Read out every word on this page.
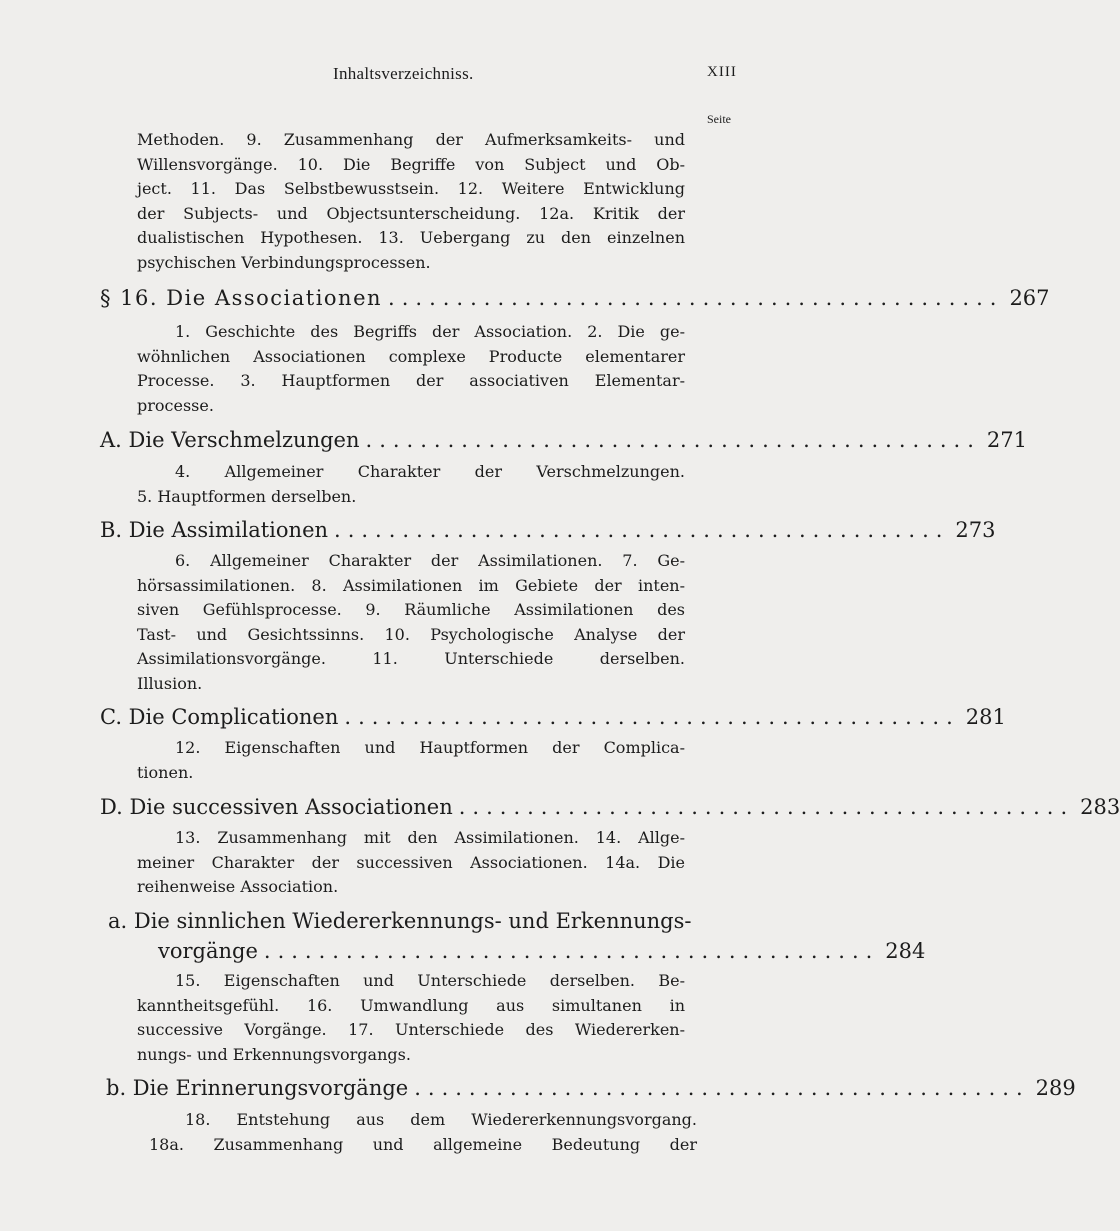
Inhaltsverzeichniss.	XIII
Seite
Methoden. 9. Zusammenhang der Aufmerksamkeits- und
Willensvorgänge. 10. Die Begriffe von Subject und Ob-
ject. 11. Das Selbstbewusstsein. 12. Weitere Entwicklung
der Subjects- und Objectsunterscheidung. 12a. Kritik der
dualistischen Hypothesen. 13. Uebergang zu den einzelnen
psychischen Verbindungsprocessen.
§ 16. Die Associationen ............................................. 267
1. Geschichte des Begriffs der Association. 2. Die ge-
wöhnlichen Associationen complexe Producte elementarer
Processe. 3. Hauptformen der associativen Elementar-
processe.
A. Die Verschmelzungen ............................................. 271
4. Allgemeiner Charakter der Verschmelzungen.
5. Hauptformen derselben.
B. Die Assimilationen ............................................. 273
6. Allgemeiner Charakter der Assimilationen. 7. Ge-
hörsassimilationen. 8. Assimilationen im Gebiete der inten-
siven Gefühlsprocesse. 9. Räumliche Assimilationen des
Tast- und Gesichtssinns. 10. Psychologische Analyse der
Assimilationsvorgänge. 11. Unterschiede derselben.
Illusion.
C. Die Complicationen ............................................. 281
12. Eigenschaften und Hauptformen der Complica-
tionen.
D. Die successiven Associationen ............................................. 283
13. Zusammenhang mit den Assimilationen. 14. Allge-
meiner Charakter der successiven Associationen. 14a. Die
reihenweise Association.
a. Die sinnlichen Wiedererkennungs- und Erkennungs-
vorgänge ............................................. 284
15. Eigenschaften und Unterschiede derselben. Be-
kanntheitsgefühl. 16. Umwandlung aus simultanen in
successive Vorgänge. 17. Unterschiede des Wiedererken-
nungs- und Erkennungsvorgangs.
b. Die Erinnerungsvorgänge ............................................. 289
18. Entstehung aus dem Wiedererkennungsvorgang.
18a. Zusammenhang und allgemeine Bedeutung der
